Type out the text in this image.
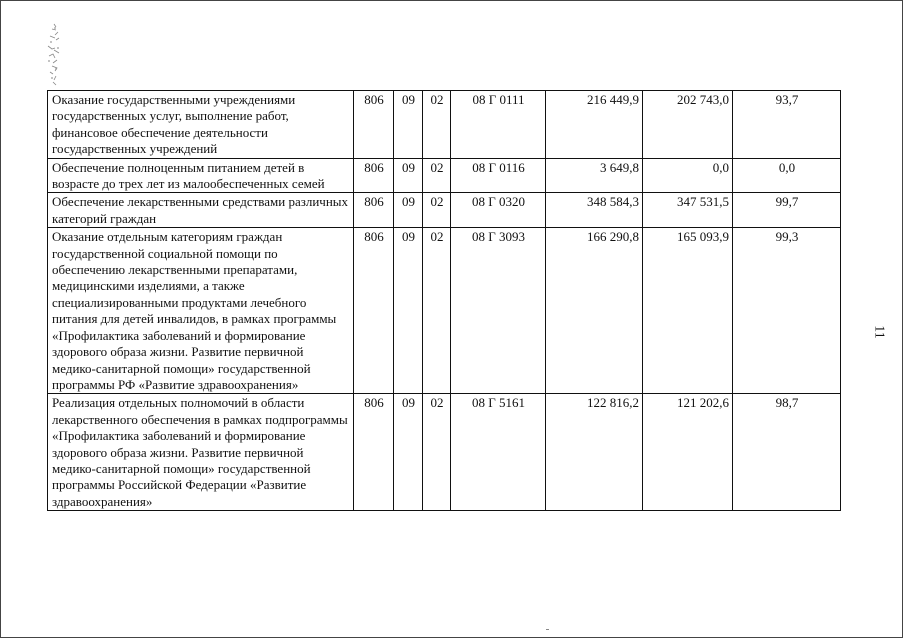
Оказание государственными учреждениями государственных услуг, выполнение работ, финансовое обеспечение деятельности государственных учреждений	806	09	02	08 Г 0111	216 449,9	202 743,0	93,7
Обеспечение полноценным питанием детей в возрасте до трех лет из малообеспеченных семей	806	09	02	08 Г 0116	3 649,8	0,0	0,0
Обеспечение лекарственными средствами различных категорий граждан	806	09	02	08 Г 0320	348 584,3	347 531,5	99,7
Оказание отдельным категориям граждан государственной социальной помощи по обеспечению лекарственными препаратами, медицинскими изделиями, а также специализированными продуктами лечебного питания для детей инвалидов, в рамках программы «Профилактика заболеваний и формирование здорового образа жизни. Развитие первичной медико-санитарной помощи» государственной программы РФ «Развитие здравоохранения»	806	09	02	08 Г 3093	166 290,8	165 093,9	99,3
Реализация отдельных полномочий в области лекарственного обеспечения в рамках подпрограммы «Профилактика заболеваний и формирование здорового образа жизни. Развитие первичной медико-санитарной помощи» государственной программы Российской Федерации «Развитие здравоохранения»	806	09	02	08 Г 5161	122 816,2	121 202,6	98,7
11
